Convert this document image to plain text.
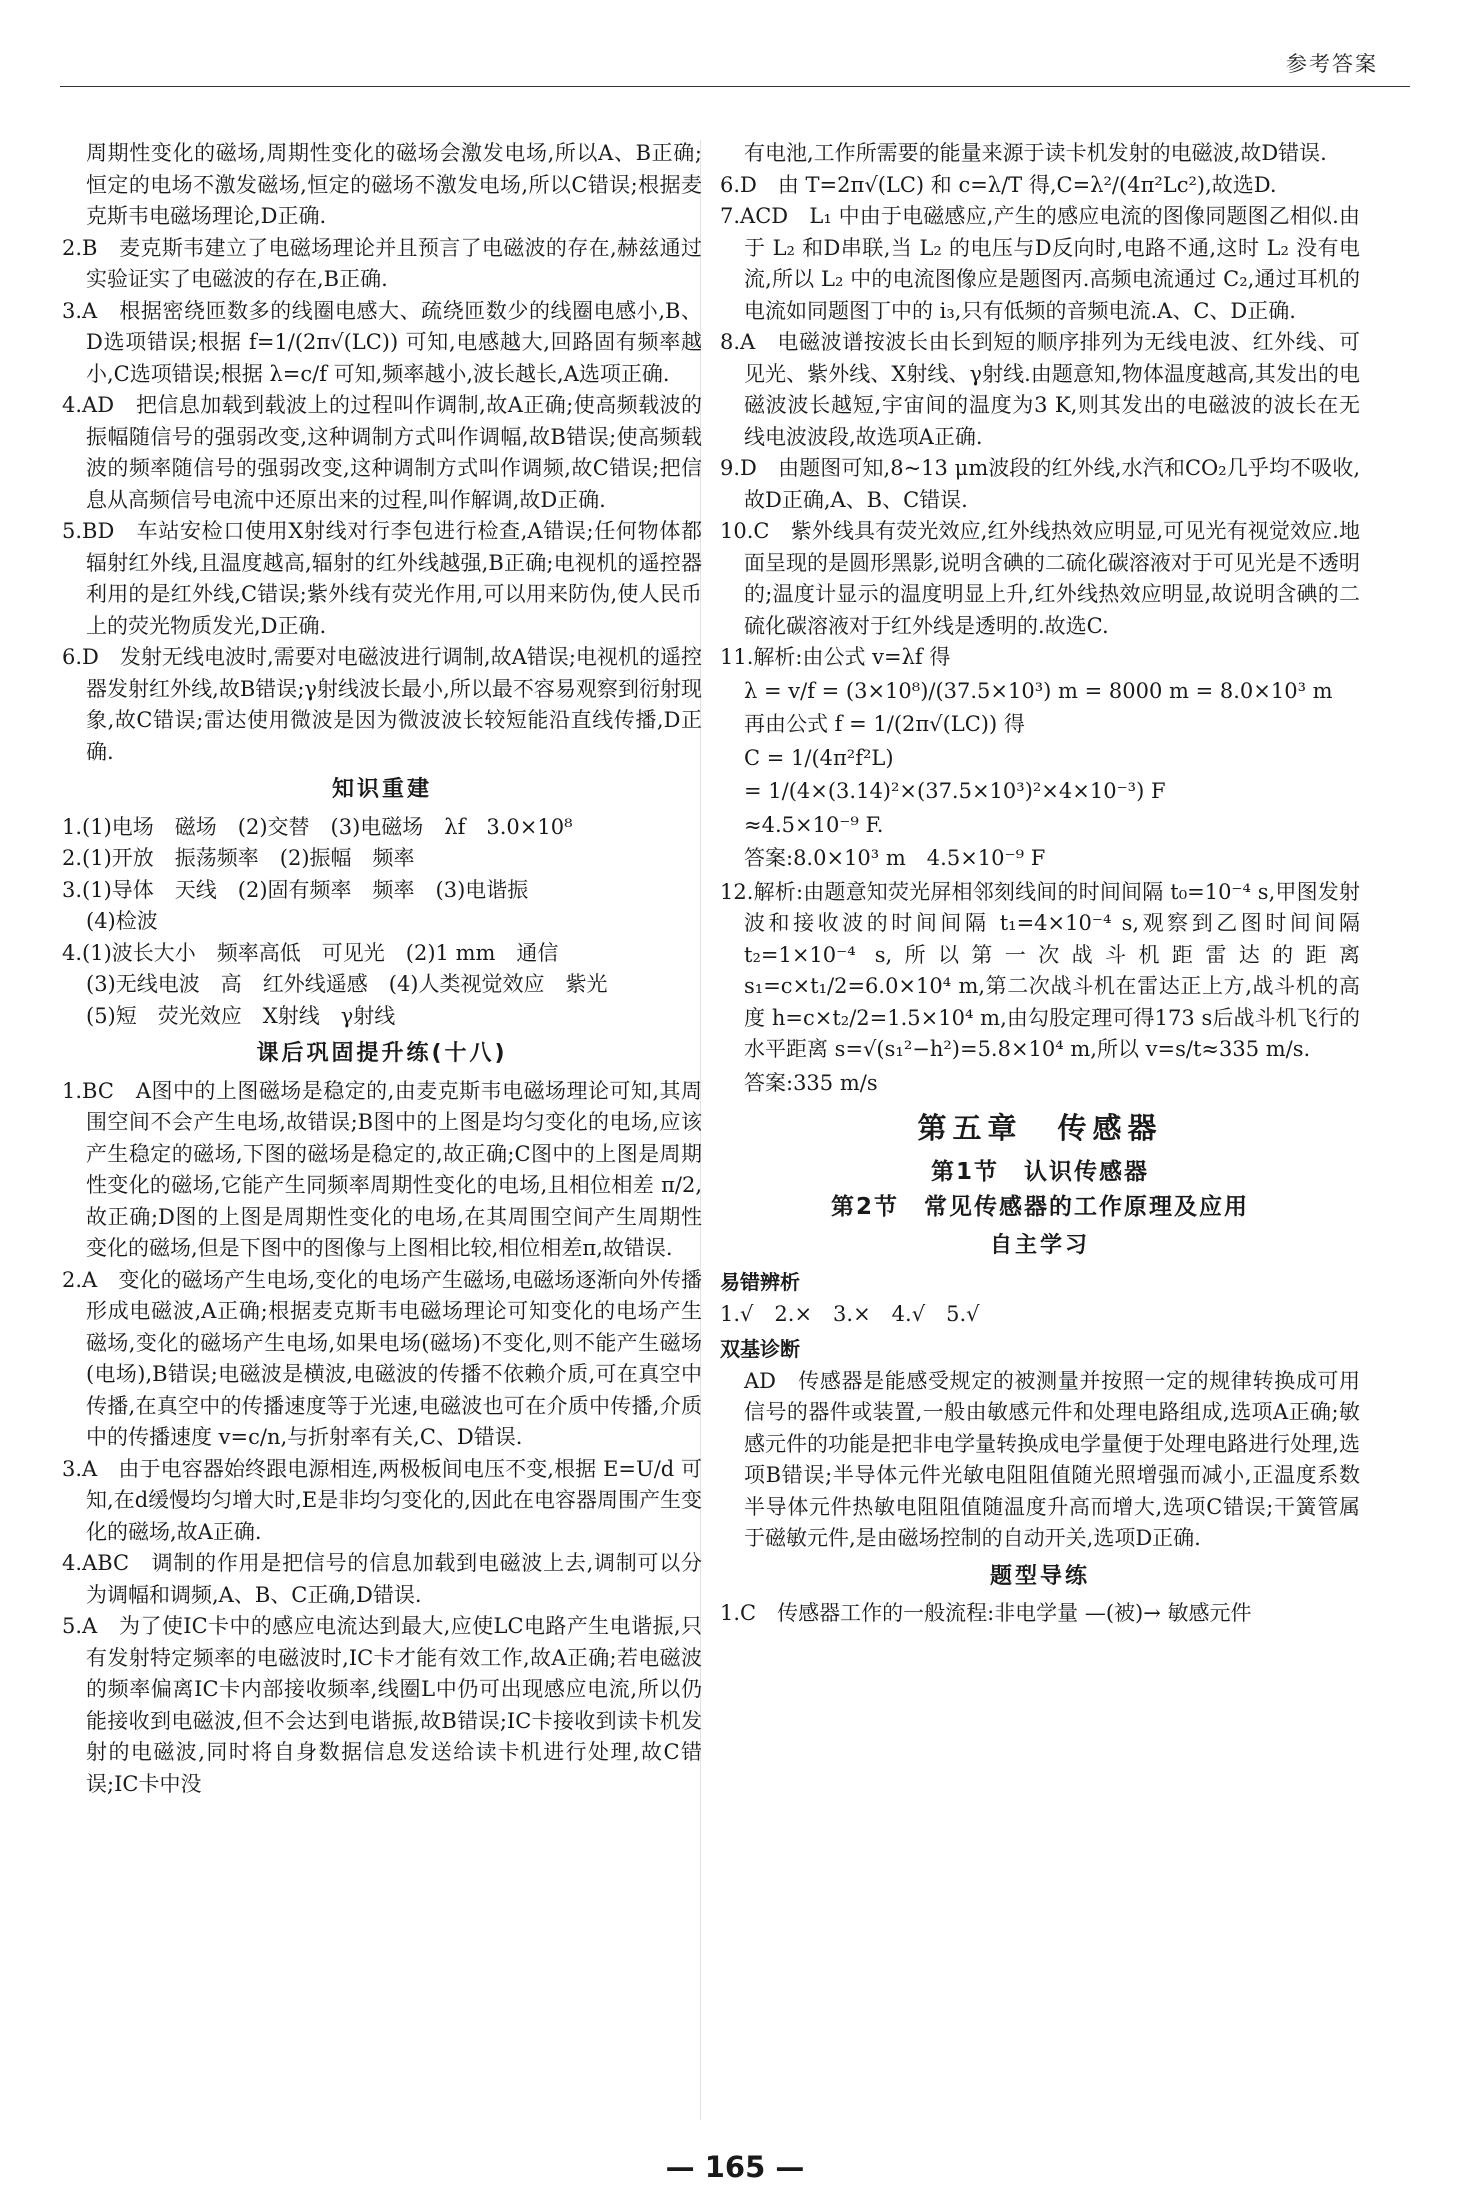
参考答案

周期性变化的磁场,周期性变化的磁场会激发电场,所以A、B正确;恒定的电场不激发磁场,恒定的磁场不激发电场,所以C错误;根据麦克斯韦电磁场理论,D正确.

2.B　麦克斯韦建立了电磁场理论并且预言了电磁波的存在,赫兹通过实验证实了电磁波的存在,B正确.

3.A　根据密绕匝数多的线圈电感大、疏绕匝数少的线圈电感小,B、D选项错误;根据 f=1/(2π√(LC)) 可知,电感越大,回路固有频率越小,C选项错误;根据 λ=c/f 可知,频率越小,波长越长,A选项正确.

4.AD　把信息加载到载波上的过程叫作调制,故A正确;使高频载波的振幅随信号的强弱改变,这种调制方式叫作调幅,故B错误;使高频载波的频率随信号的强弱改变,这种调制方式叫作调频,故C错误;把信息从高频信号电流中还原出来的过程,叫作解调,故D正确.

5.BD　车站安检口使用X射线对行李包进行检查,A错误;任何物体都辐射红外线,且温度越高,辐射的红外线越强,B正确;电视机的遥控器利用的是红外线,C错误;紫外线有荧光作用,可以用来防伪,使人民币上的荧光物质发光,D正确.

6.D　发射无线电波时,需要对电磁波进行调制,故A错误;电视机的遥控器发射红外线,故B错误;γ射线波长最小,所以最不容易观察到衍射现象,故C错误;雷达使用微波是因为微波波长较短能沿直线传播,D正确.

知识重建

1.(1)电场　磁场　(2)交替　(3)电磁场　λf　3.0×10⁸

2.(1)开放　振荡频率　(2)振幅　频率

3.(1)导体　天线　(2)固有频率　频率　(3)电谐振

(4)检波

4.(1)波长大小　频率高低　可见光　(2)1 mm　通信

(3)无线电波　高　红外线遥感　(4)人类视觉效应　紫光

(5)短　荧光效应　X射线　γ射线

课后巩固提升练(十八)

1.BC　A图中的上图磁场是稳定的,由麦克斯韦电磁场理论可知,其周围空间不会产生电场,故错误;B图中的上图是均匀变化的电场,应该产生稳定的磁场,下图的磁场是稳定的,故正确;C图中的上图是周期性变化的磁场,它能产生同频率周期性变化的电场,且相位相差 π/2,故正确;D图的上图是周期性变化的电场,在其周围空间产生周期性变化的磁场,但是下图中的图像与上图相比较,相位相差π,故错误.

2.A　变化的磁场产生电场,变化的电场产生磁场,电磁场逐渐向外传播形成电磁波,A正确;根据麦克斯韦电磁场理论可知变化的电场产生磁场,变化的磁场产生电场,如果电场(磁场)不变化,则不能产生磁场(电场),B错误;电磁波是横波,电磁波的传播不依赖介质,可在真空中传播,在真空中的传播速度等于光速,电磁波也可在介质中传播,介质中的传播速度 v=c/n,与折射率有关,C、D错误.

3.A　由于电容器始终跟电源相连,两极板间电压不变,根据 E=U/d 可知,在d缓慢均匀增大时,E是非均匀变化的,因此在电容器周围产生变化的磁场,故A正确.

4.ABC　调制的作用是把信号的信息加载到电磁波上去,调制可以分为调幅和调频,A、B、C正确,D错误.

5.A　为了使IC卡中的感应电流达到最大,应使LC电路产生电谐振,只有发射特定频率的电磁波时,IC卡才能有效工作,故A正确;若电磁波的频率偏离IC卡内部接收频率,线圈L中仍可出现感应电流,所以仍能接收到电磁波,但不会达到电谐振,故B错误;IC卡接收到读卡机发射的电磁波,同时将自身数据信息发送给读卡机进行处理,故C错误;IC卡中没

有电池,工作所需要的能量来源于读卡机发射的电磁波,故D错误.

6.D　由 T=2π√(LC) 和 c=λ/T 得,C=λ²/(4π²Lc²),故选D.

7.ACD　L₁ 中由于电磁感应,产生的感应电流的图像同题图乙相似.由于 L₂ 和D串联,当 L₂ 的电压与D反向时,电路不通,这时 L₂ 没有电流,所以 L₂ 中的电流图像应是题图丙.高频电流通过 C₂,通过耳机的电流如同题图丁中的 i₃,只有低频的音频电流.A、C、D正确.

8.A　电磁波谱按波长由长到短的顺序排列为无线电波、红外线、可见光、紫外线、X射线、γ射线.由题意知,物体温度越高,其发出的电磁波波长越短,宇宙间的温度为3 K,则其发出的电磁波的波长在无线电波波段,故选项A正确.

9.D　由题图可知,8~13 μm波段的红外线,水汽和CO₂几乎均不吸收,故D正确,A、B、C错误.

10.C　紫外线具有荧光效应,红外线热效应明显,可见光有视觉效应.地面呈现的是圆形黑影,说明含碘的二硫化碳溶液对于可见光是不透明的;温度计显示的温度明显上升,红外线热效应明显,故说明含碘的二硫化碳溶液对于红外线是透明的.故选C.

11.解析:由公式 v=λf 得

λ = v/f = (3×10⁸)/(37.5×10³) m = 8000 m = 8.0×10³ m

再由公式 f = 1/(2π√(LC)) 得

C = 1/(4π²f²L)

= 1/(4×(3.14)²×(37.5×10³)²×4×10⁻³) F

≈4.5×10⁻⁹ F.

答案:8.0×10³ m　4.5×10⁻⁹ F

12.解析:由题意知荧光屏相邻刻线间的时间间隔 t₀=10⁻⁴ s,甲图发射波和接收波的时间间隔 t₁=4×10⁻⁴ s,观察到乙图时间间隔 t₂=1×10⁻⁴ s,所以第一次战斗机距雷达的距离 s₁=c×t₁/2=6.0×10⁴ m,第二次战斗机在雷达正上方,战斗机的高度 h=c×t₂/2=1.5×10⁴ m,由勾股定理可得173 s后战斗机飞行的水平距离 s=√(s₁²−h²)=5.8×10⁴ m,所以 v=s/t≈335 m/s.

答案:335 m/s

第五章　传感器
第1节　认识传感器
第2节　常见传感器的工作原理及应用
自主学习
易错辨析

1.√　2.×　3.×　4.√　5.√

双基诊断

AD　传感器是能感受规定的被测量并按照一定的规律转换成可用信号的器件或装置,一般由敏感元件和处理电路组成,选项A正确;敏感元件的功能是把非电学量转换成电学量便于处理电路进行处理,选项B错误;半导体元件光敏电阻阻值随光照增强而减小,正温度系数半导体元件热敏电阻阻值随温度升高而增大,选项C错误;干簧管属于磁敏元件,是由磁场控制的自动开关,选项D正确.

题型导练

1.C　传感器工作的一般流程:非电学量 —(被)→ 敏感元件

— 165 —
